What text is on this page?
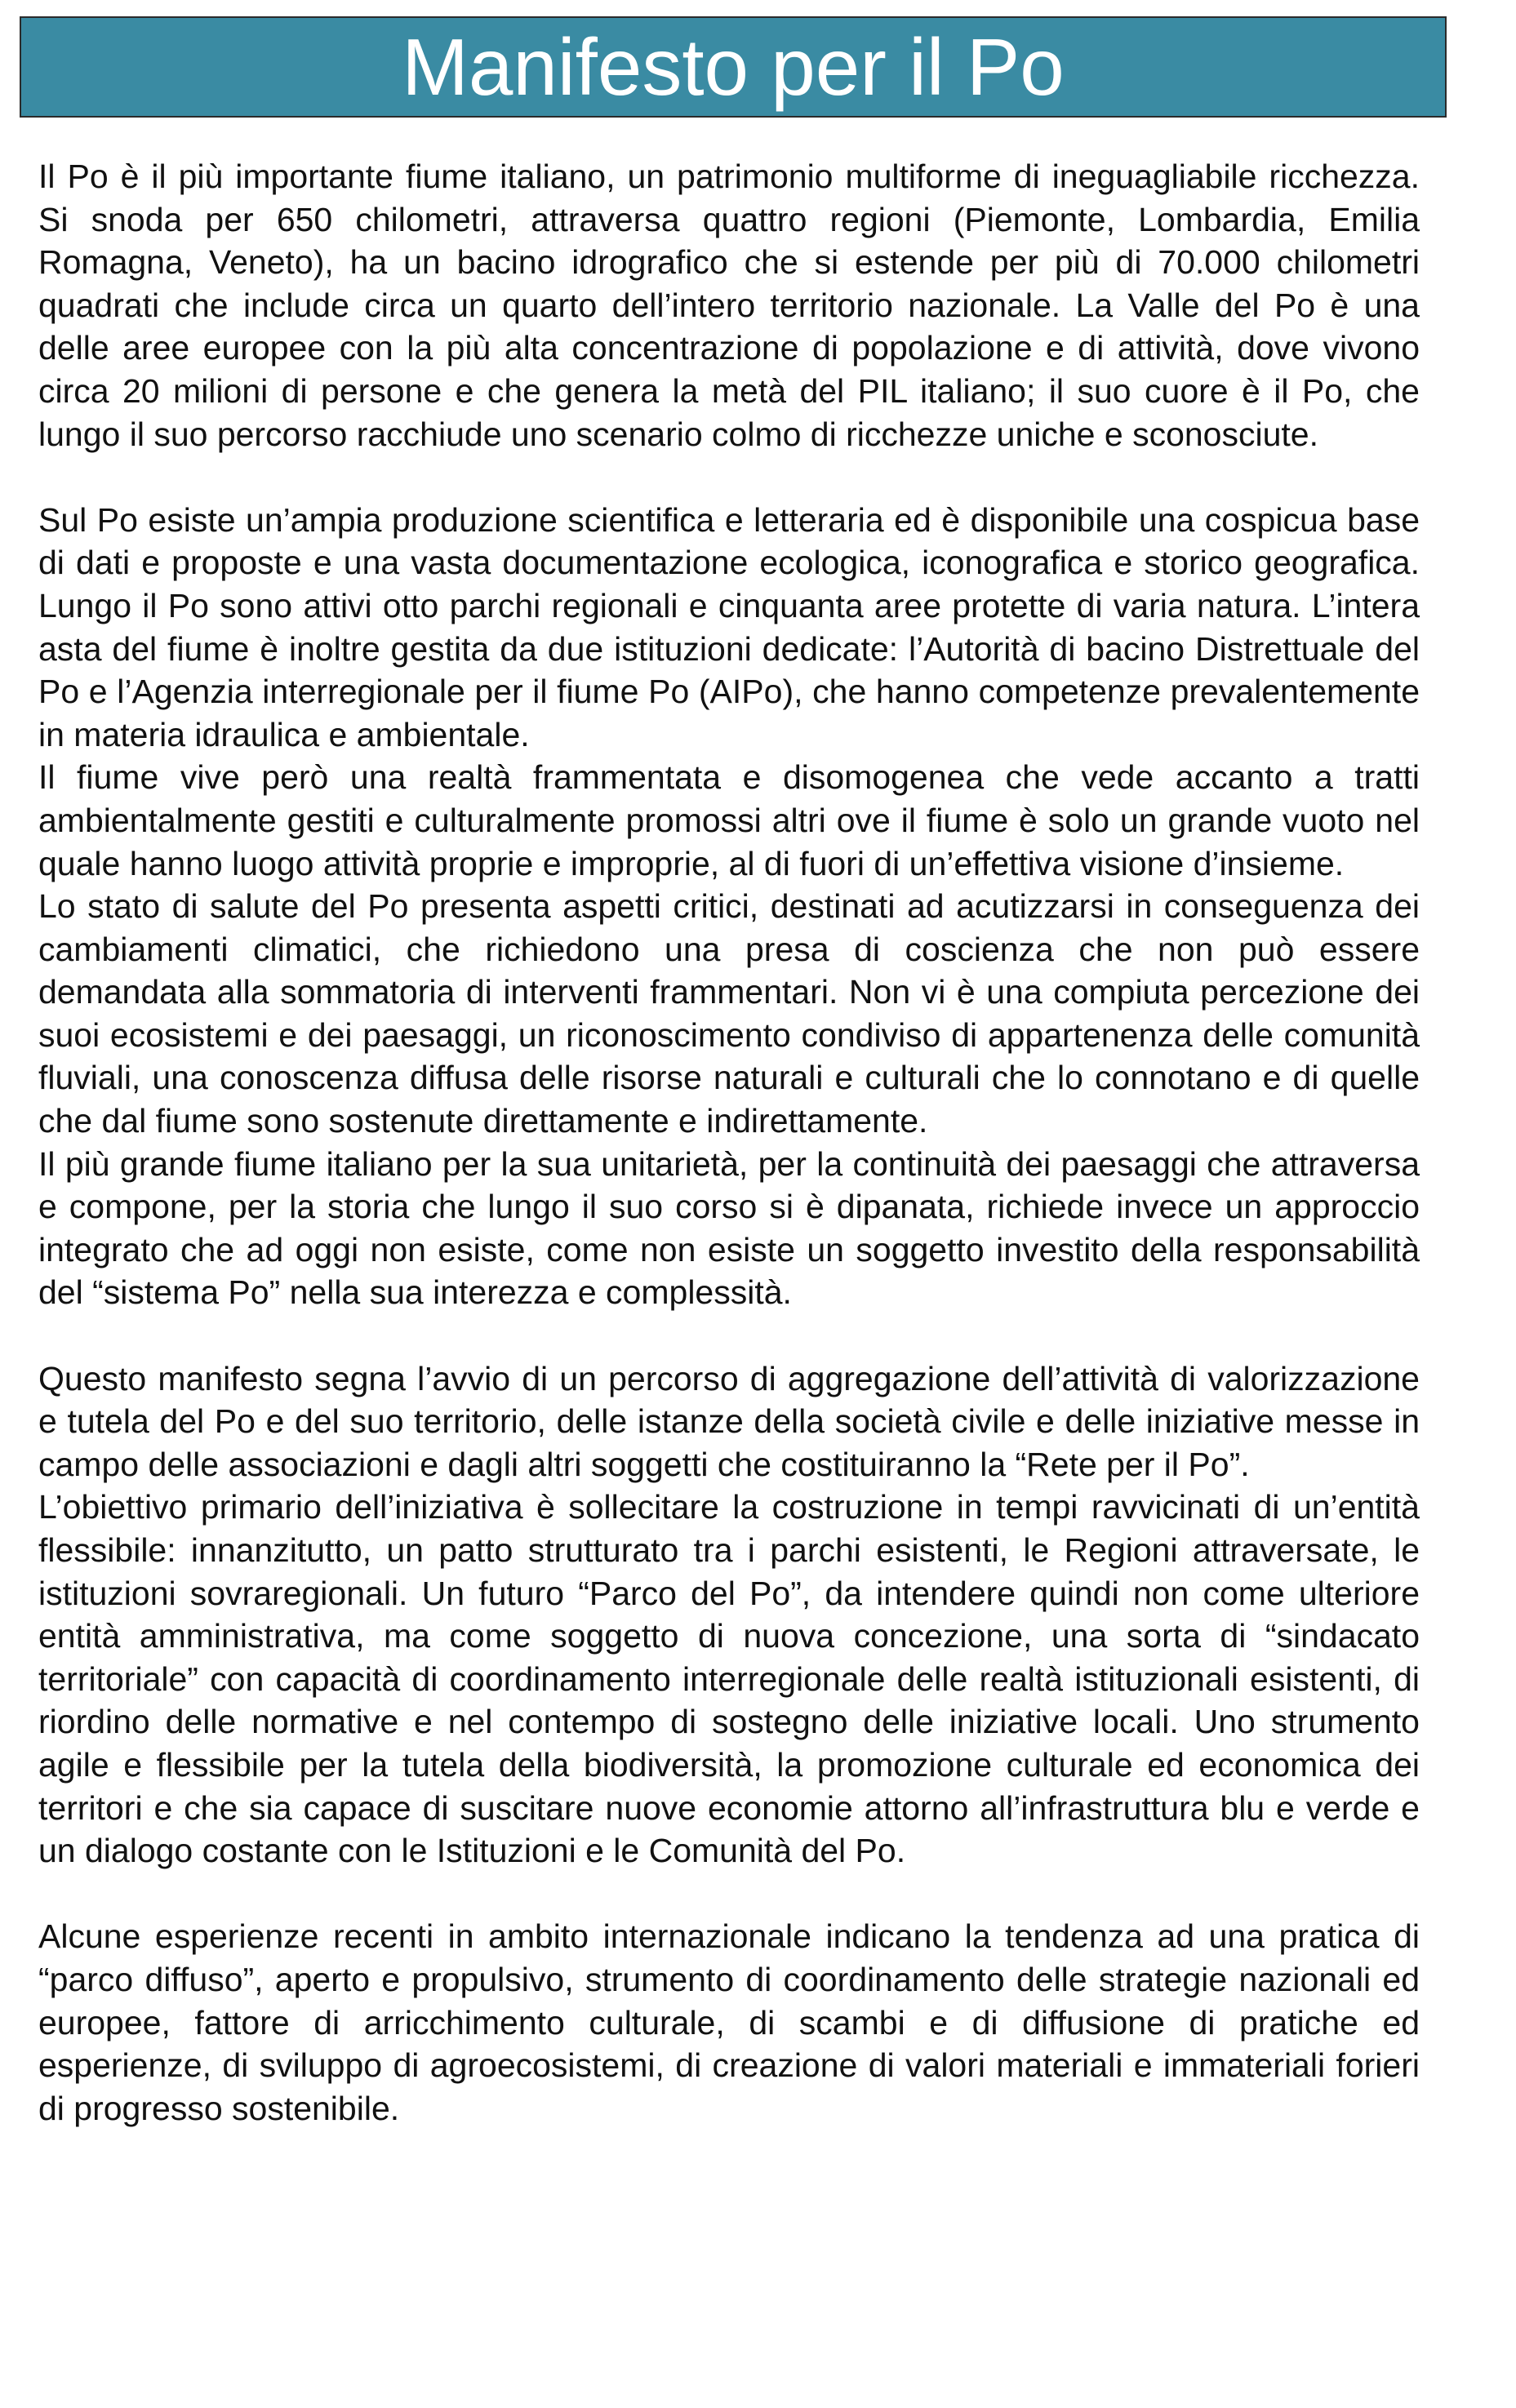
Manifesto per il Po

Il Po è il più importante fiume italiano, un patrimonio multiforme di ineguagliabile ricchezza. Si snoda per 650 chilometri, attraversa quattro regioni (Piemonte, Lombardia, Emilia Romagna, Veneto), ha un bacino idrografico che si estende per più di 70.000 chilometri quadrati che include circa un quarto dell’intero territorio nazionale. La Valle del Po è una delle aree europee con la più alta concentrazione di popolazione e di attività, dove vivono circa 20 milioni di persone e che genera la metà del PIL italiano; il suo cuore è il Po, che lungo il suo percorso racchiude uno scenario colmo di ricchezze uniche e sconosciute.

Sul Po esiste un’ampia produzione scientifica e letteraria ed è disponibile una cospicua base di dati e proposte e una vasta documentazione ecologica, iconografica e storico geografica. Lungo il Po sono attivi otto parchi regionali e cinquanta aree protette di varia natura. L’intera asta del fiume è inoltre gestita da due istituzioni dedicate: l’Autorità di bacino Distrettuale del Po e l’Agenzia interregionale per il fiume Po (AIPo), che hanno competenze prevalentemente in materia idraulica e ambientale.

Il fiume vive però una realtà frammentata e disomogenea che vede accanto a tratti ambientalmente gestiti e culturalmente promossi altri ove il fiume è solo un grande vuoto nel quale hanno luogo attività proprie e improprie, al di fuori di un’effettiva visione d’insieme.

Lo stato di salute del Po presenta aspetti critici, destinati ad acutizzarsi in conseguenza dei cambiamenti climatici, che richiedono una presa di coscienza che non può essere demandata alla sommatoria di interventi frammentari. Non vi è una compiuta percezione dei suoi ecosistemi e dei paesaggi, un riconoscimento condiviso di appartenenza delle comunità fluviali, una conoscenza diffusa delle risorse naturali e culturali che lo connotano e di quelle che dal fiume sono sostenute direttamente e indirettamente.

Il più grande fiume italiano per la sua unitarietà, per la continuità dei paesaggi che attraversa e compone, per la storia che lungo il suo corso si è dipanata, richiede invece un approccio integrato che ad oggi non esiste, come non esiste un soggetto investito della responsabilità del “sistema Po” nella sua interezza e complessità.

Questo manifesto segna l’avvio di un percorso di aggregazione dell’attività di valorizzazione e tutela del Po e del suo territorio, delle istanze della società civile e delle iniziative messe in campo delle associazioni e dagli altri soggetti che costituiranno la “Rete per il Po”.

L’obiettivo primario dell’iniziativa è sollecitare la costruzione in tempi ravvicinati di un’entità flessibile: innanzitutto, un patto strutturato tra i parchi esistenti, le Regioni attraversate, le istituzioni sovraregionali. Un futuro “Parco del Po”, da intendere quindi non come ulteriore entità amministrativa, ma come soggetto di nuova concezione, una sorta di “sindacato territoriale” con capacità di coordinamento interregionale delle realtà istituzionali esistenti, di riordino delle normative e nel contempo di sostegno delle iniziative locali. Uno strumento agile e flessibile per la tutela della biodiversità, la promozione culturale ed economica dei territori e che sia capace di suscitare nuove economie attorno all’infrastruttura blu e verde e un dialogo costante con le Istituzioni e le Comunità del Po.

Alcune esperienze recenti in ambito internazionale indicano la tendenza ad una pratica di “parco diffuso”, aperto e propulsivo, strumento di coordinamento delle strategie nazionali ed europee, fattore di arricchimento culturale, di scambi e di diffusione di pratiche ed esperienze, di sviluppo di agroecosistemi, di creazione di valori materiali e immateriali forieri di progresso sostenibile.
